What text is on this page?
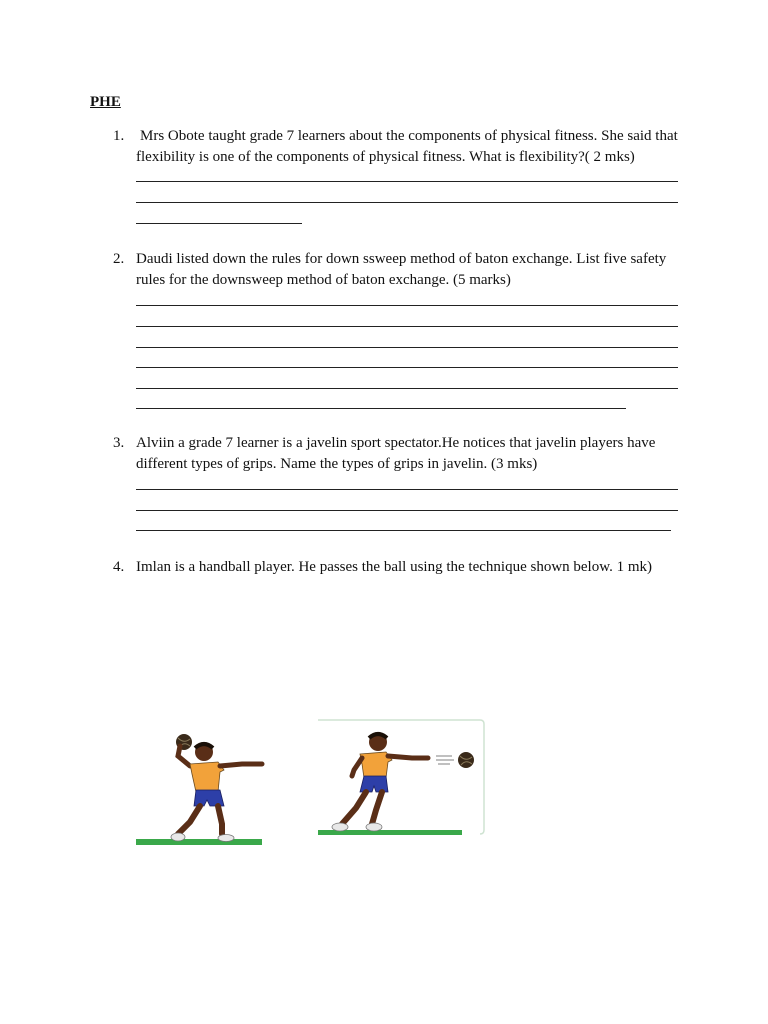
PHE
1. Mrs Obote taught grade 7 learners about the components of physical fitness. She said that flexibility is one of the components of physical fitness. What is flexibility?( 2 mks)
2. Daudi listed down the rules for down ssweep method of baton exchange. List five safety rules for the downsweep method of baton exchange. (5 marks)
3. Alviin a grade 7 learner is a javelin sport spectator.He notices that javelin players have different types of grips. Name the types of grips in javelin. (3 mks)
4. Imlan is a handball player. He passes the ball using the technique shown below. 1 mk)
